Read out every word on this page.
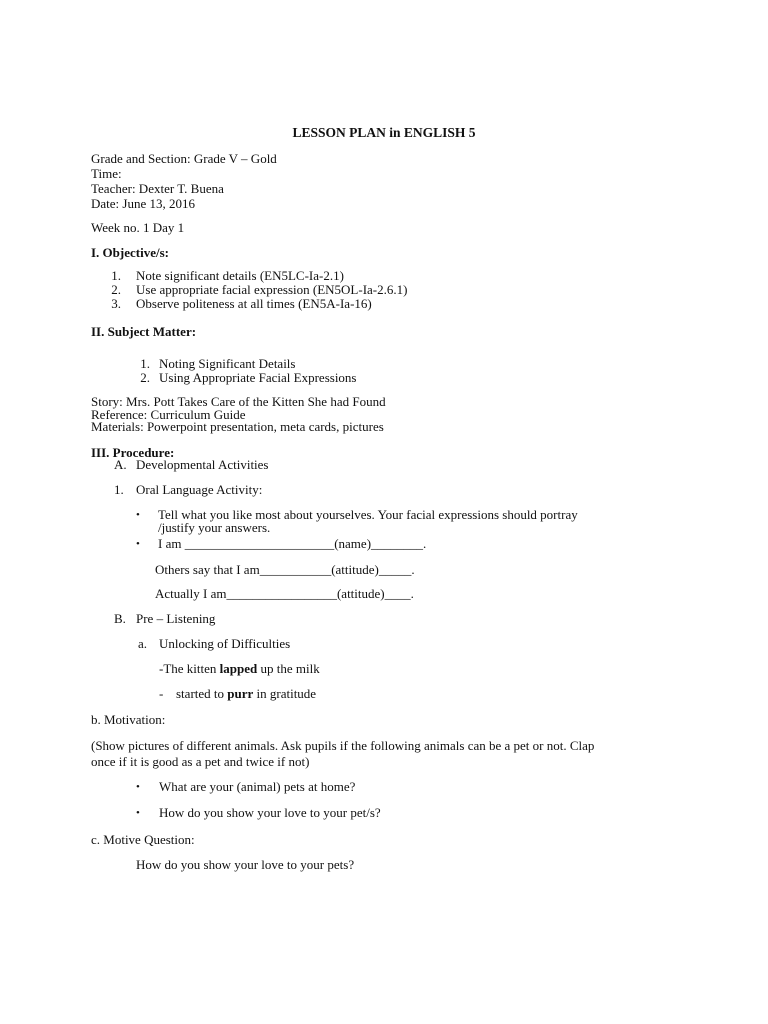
LESSON PLAN in ENGLISH 5
Grade and Section: Grade V – Gold
Time:
Teacher: Dexter T. Buena
Date: June 13, 2016
Week no. 1 Day 1
I. Objective/s:
1. Note significant details (EN5LC-Ia-2.1)
2. Use appropriate facial expression (EN5OL-Ia-2.6.1)
3. Observe politeness at all times (EN5A-Ia-16)
II. Subject Matter:
1. Noting Significant Details
2. Using Appropriate Facial Expressions
Story: Mrs. Pott Takes Care of the Kitten She had Found
Reference: Curriculum Guide
Materials: Powerpoint presentation, meta cards, pictures
III. Procedure:
A. Developmental Activities
1. Oral Language Activity:
• Tell what you like most about yourselves. Your facial expressions should portray
/justify your answers.
• I am _______________________(name)________.
Others say that I am___________(attitude)_____.
Actually I am_________________(attitude)____.
B. Pre – Listening
a. Unlocking of Difficulties
-The kitten lapped up the milk
- started to purr in gratitude
b. Motivation:
(Show pictures of different animals. Ask pupils if the following animals can be a pet or not. Clap
once if it is good as a pet and twice if not)
• What are your (animal) pets at home?
• How do you show your love to your pet/s?
c. Motive Question:
How do you show your love to your pets?
